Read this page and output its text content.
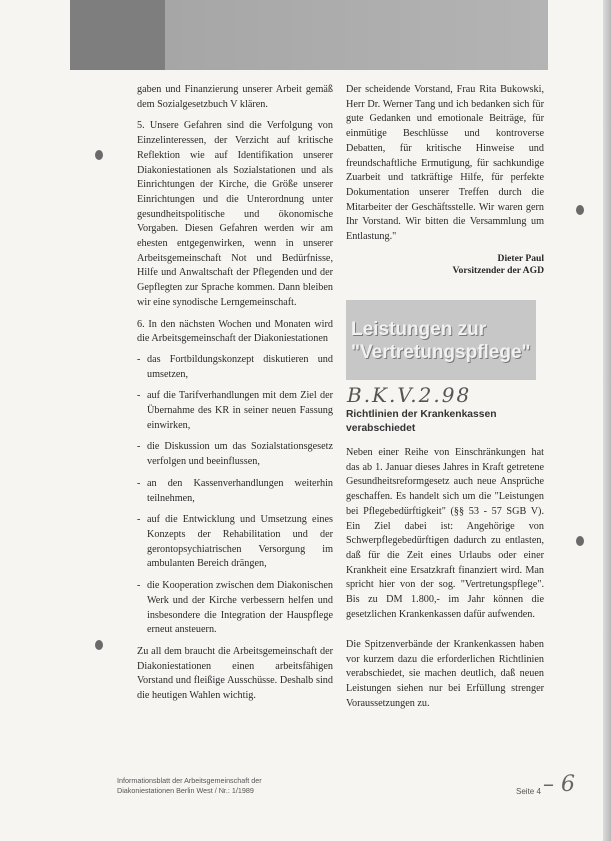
gaben und Finanzierung unserer Arbeit gemäß dem Sozialgesetzbuch V klären.

5. Unsere Gefahren sind die Verfolgung von Einzelinteressen, der Verzicht auf kritische Reflektion wie auf Identifikation unserer Diakoniestationen als Sozialstationen und als Einrichtungen der Kirche, die Größe unserer Einrichtungen und die Unterordnung unter gesundheitspolitische und ökonomische Vorgaben. Diesen Gefahren werden wir am ehesten entgegenwirken, wenn in unserer Arbeitsgemeinschaft Not und Bedürfnisse, Hilfe und Anwaltschaft der Pflegenden und der Gepflegten zur Sprache kommen. Dann bleiben wir eine synodische Lerngemeinschaft.

6. In den nächsten Wochen und Monaten wird die Arbeitsgemeinschaft der Diakoniestationen

- das Fortbildungskonzept diskutieren und umsetzen,
- auf die Tarifverhandlungen mit dem Ziel der Übernahme des KR in seiner neuen Fassung einwirken,
- die Diskussion um das Sozialstationsgesetz verfolgen und beeinflussen,
- an den Kassenverhandlungen weiterhin teilnehmen,
- auf die Entwicklung und Umsetzung eines Konzepts der Rehabilitation und der gerontopsychiatrischen Versorgung im ambulanten Bereich drängen,
- die Kooperation zwischen dem Diakonischen Werk und der Kirche verbessern helfen und insbesondere die Integration der Hauspflege erneut ansteuern.

Zu all dem braucht die Arbeitsgemeinschaft der Diakoniestationen einen arbeitsfähigen Vorstand und fleißige Ausschüsse. Deshalb sind die heutigen Wahlen wichtig.

Der scheidende Vorstand, Frau Rita Bukowski, Herr Dr. Werner Tang und ich bedanken sich für gute Gedanken und emotionale Beiträge, für einmütige Beschlüsse und kontroverse Debatten, für kritische Hinweise und freundschaftliche Ermutigung, für sachkundige Zuarbeit und tatkräftige Hilfe, für perfekte Dokumentation unserer Treffen durch die Mitarbeiter der Geschäftsstelle. Wir waren gern Ihr Vorstand. Wir bitten die Versammlung um Entlastung."

Dieter Paul
Vorsitzender der AGD
Leistungen zur
"Vertretungspflege"
B.K.V.2.98
Richtlinien der Krankenkassen verabschiedet

Neben einer Reihe von Einschränkungen hat das ab 1. Januar dieses Jahres in Kraft getretene Gesundheitsreformgesetz auch neue Ansprüche geschaffen. Es handelt sich um die "Leistungen bei Pflegebedürftigkeit" (§§ 53 - 57 SGB V). Ein Ziel dabei ist: Angehörige von Schwerpflegebedürftigen dadurch zu entlasten, daß für die Zeit eines Urlaubs oder einer Krankheit eine Ersatzkraft finanziert wird. Man spricht hier von der sog. "Vertretungspflege". Bis zu DM 1.800,- im Jahr können die gesetzlichen Krankenkassen dafür aufwenden.

Die Spitzenverbände der Krankenkassen haben vor kurzem dazu die erforderlichen Richtlinien verabschiedet, sie machen deutlich, daß neuen Leistungen siehen nur bei Erfüllung strenger Voraussetzungen zu.

Informationsblatt der Arbeitsgemeinschaft der
Diakoniestationen Berlin West / Nr.: 1/1989	Seite 4 – 6
